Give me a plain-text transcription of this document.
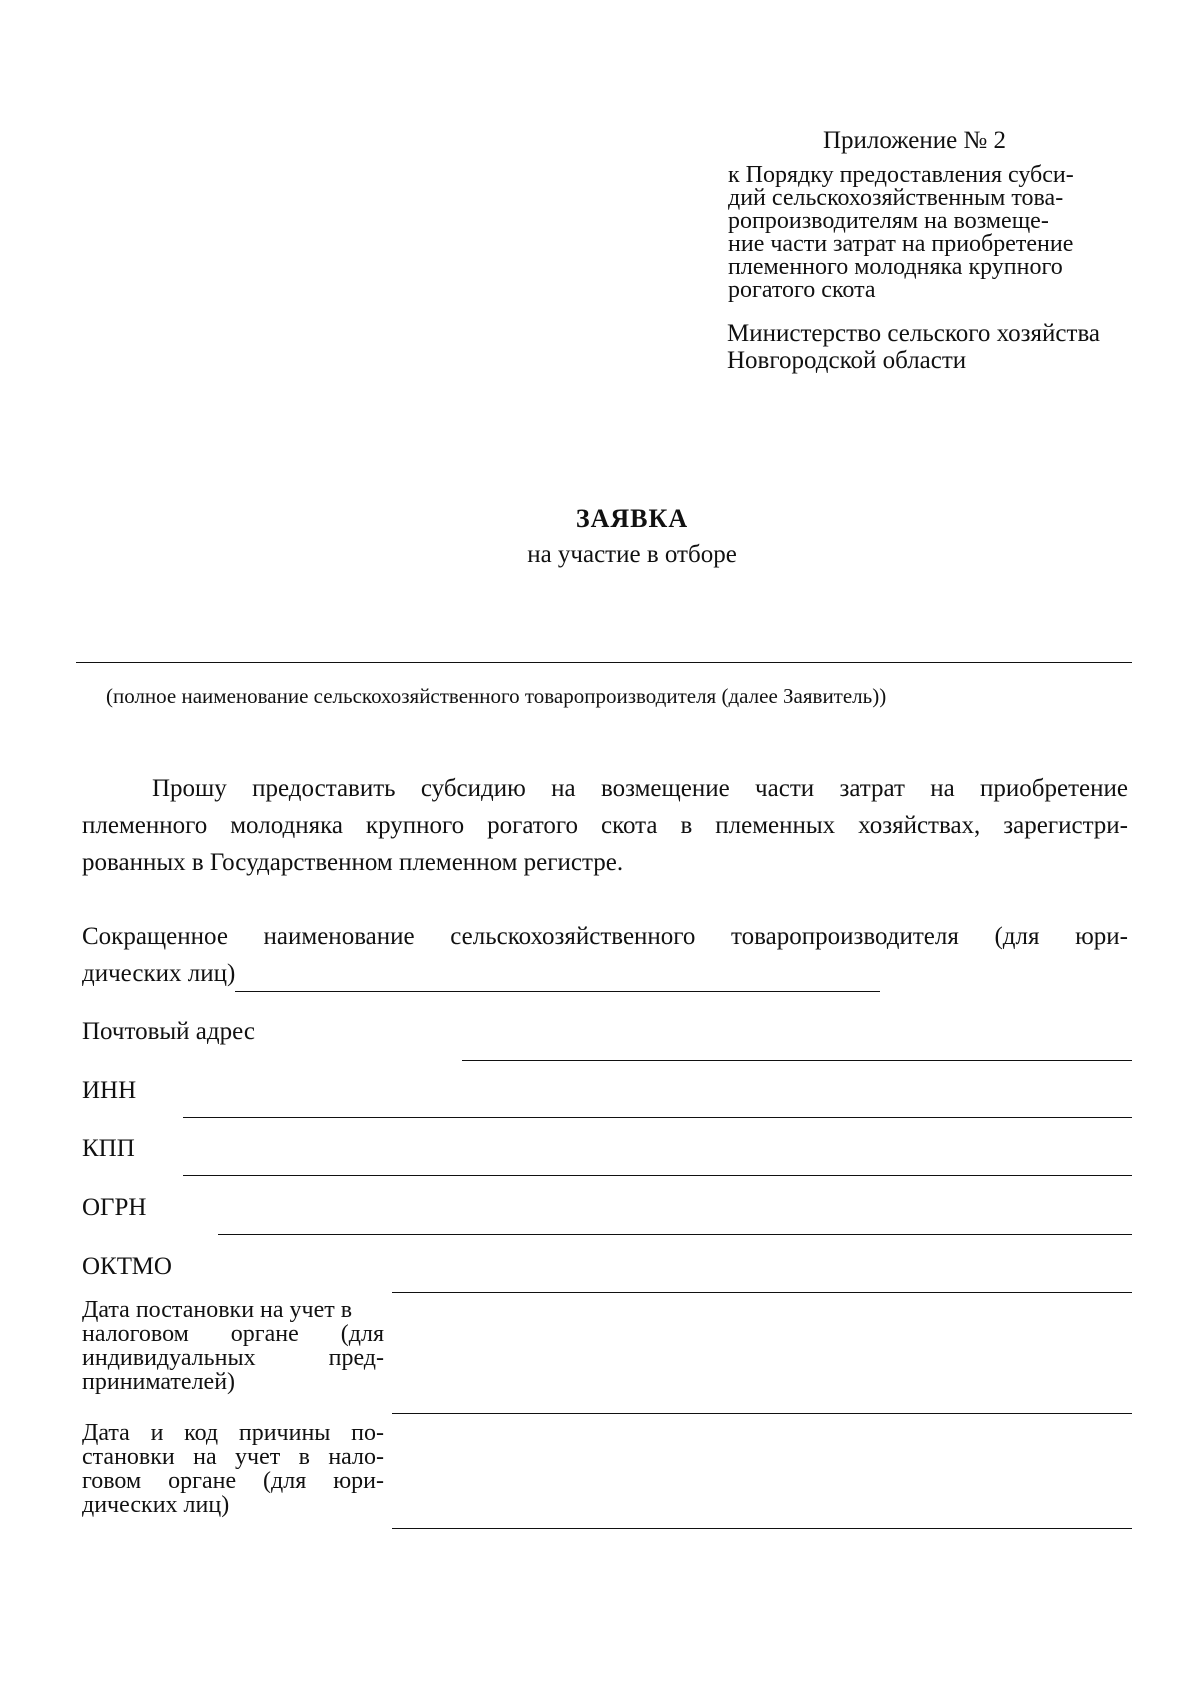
Приложение № 2
к Порядку предоставления субси-
дий сельскохозяйственным това-
ропроизводителям на возмеще-
ние части затрат на приобретение
племенного молодняка крупного
рогатого скота
Министерство сельского хозяйства
Новгородской области
ЗАЯВКА
на участие в отборе
(полное наименование сельскохозяйственного товаропроизводителя (далее Заявитель))
Прошу предоставить субсидию на возмещение части затрат на приобретение
племенного молодняка крупного рогатого скота в племенных хозяйствах, зарегистри-
рованных в Государственном племенном регистре.
Сокращенное наименование сельскохозяйственного товаропроизводителя (для юри-
дических лиц)
Почтовый адрес
ИНН
КПП
ОГРН
ОКТМО
Дата постановки на учет в
налоговом органе (для
индивидуальных пред-
принимателей)
Дата и код причины по-
становки на учет в нало-
говом органе (для юри-
дических лиц)
